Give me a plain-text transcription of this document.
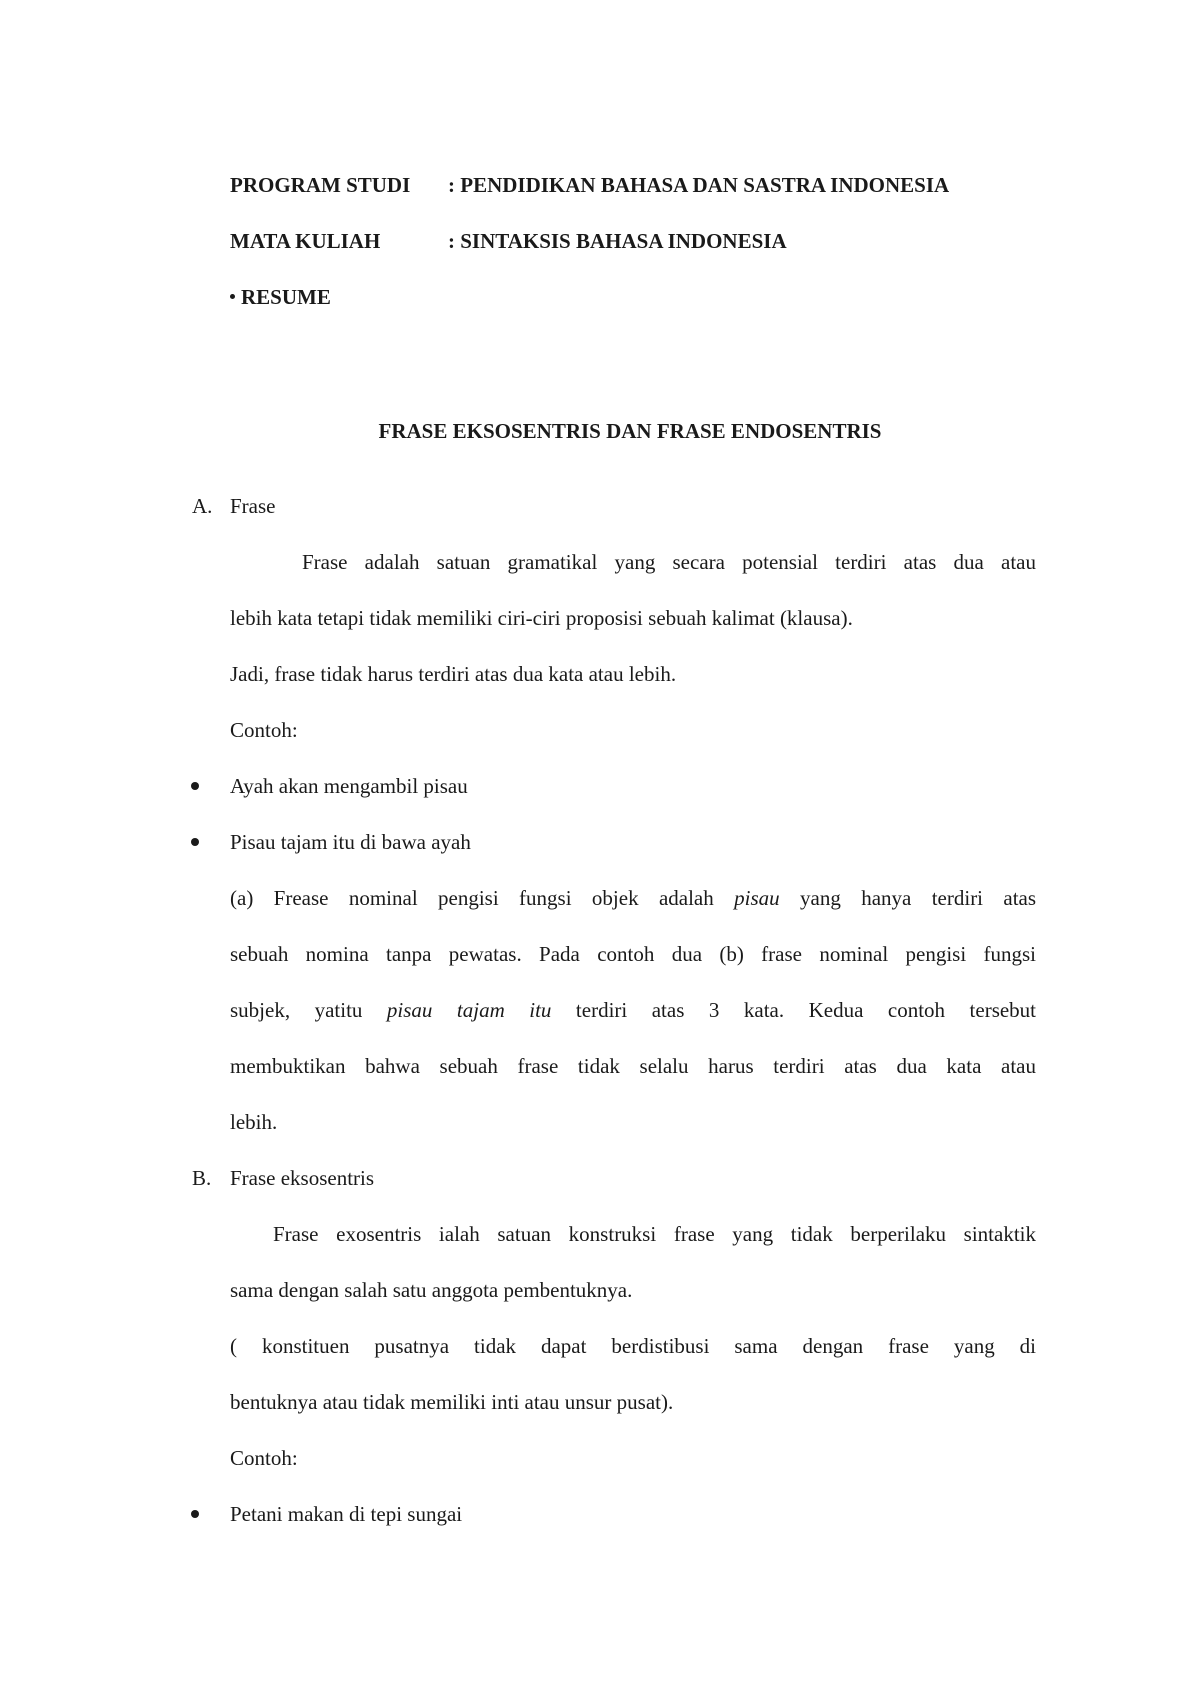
PROGRAM STUDI : PENDIDIKAN BAHASA DAN SASTRA INDONESIA
MATA KULIAH	: SINTAKSIS BAHASA INDONESIA
RESUME
FRASE EKSOSENTRIS DAN FRASE ENDOSENTRIS
A. Frase
Frase adalah satuan gramatikal yang secara potensial terdiri atas dua atau
lebih kata tetapi tidak memiliki ciri-ciri proposisi sebuah kalimat (klausa).
Jadi, frase tidak harus terdiri atas dua kata atau lebih.
Contoh:
Ayah akan mengambil pisau
Pisau tajam itu di bawa ayah
(a) Frease nominal pengisi fungsi objek adalah pisau yang hanya terdiri atas
sebuah nomina tanpa pewatas. Pada contoh dua (b) frase nominal pengisi fungsi
subjek, yatitu pisau tajam itu terdiri atas 3 kata. Kedua contoh tersebut
membuktikan bahwa sebuah frase tidak selalu harus terdiri atas dua kata atau
lebih.
B. Frase eksosentris
Frase exosentris ialah satuan konstruksi frase yang tidak berperilaku sintaktik
sama dengan salah satu anggota pembentuknya.
( konstituen pusatnya tidak dapat berdistibusi sama dengan frase yang di
bentuknya atau tidak memiliki inti atau unsur pusat).
Contoh:
Petani makan di tepi sungai
